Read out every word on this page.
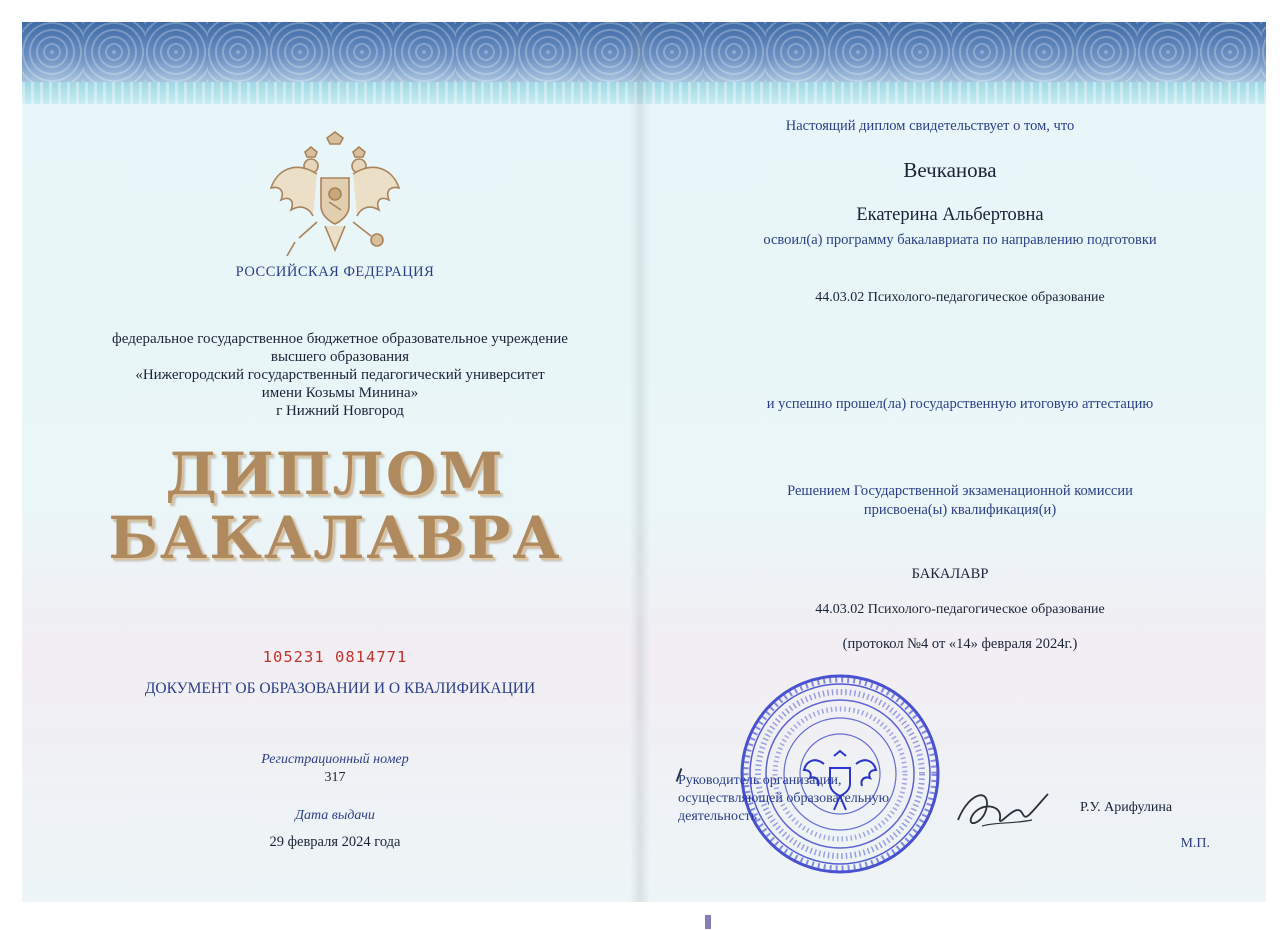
РОССИЙСКАЯ ФЕДЕРАЦИЯ
федеральное государственное бюджетное образовательное учреждение
высшего образования
«Нижегородский государственный педагогический университет
имени Козьмы Минина»
г Нижний Новгород
ДИПЛОМ
БАКАЛАВРА
105231 0814771
ДОКУМЕНТ ОБ ОБРАЗОВАНИИ И О КВАЛИФИКАЦИИ
Регистрационный номер
317
Дата выдачи
29 февраля 2024 года
Настоящий диплом свидетельствует о том, что
Вечканова
Екатерина Альбертовна
освоил(а) программу бакалавриата по направлению подготовки
44.03.02 Психолого-педагогическое образование
и успешно прошел(ла) государственную итоговую аттестацию
Решением Государственной экзаменационной комиссии
присвоена(ы) квалификация(и)
БАКАЛАВР
44.03.02 Психолого-педагогическое образование
(протокол №4 от «14» февраля 2024г.)
Руководитель организации,
осуществляющей образовательную
деятельность
Р.У. Арифулина
М.П.
